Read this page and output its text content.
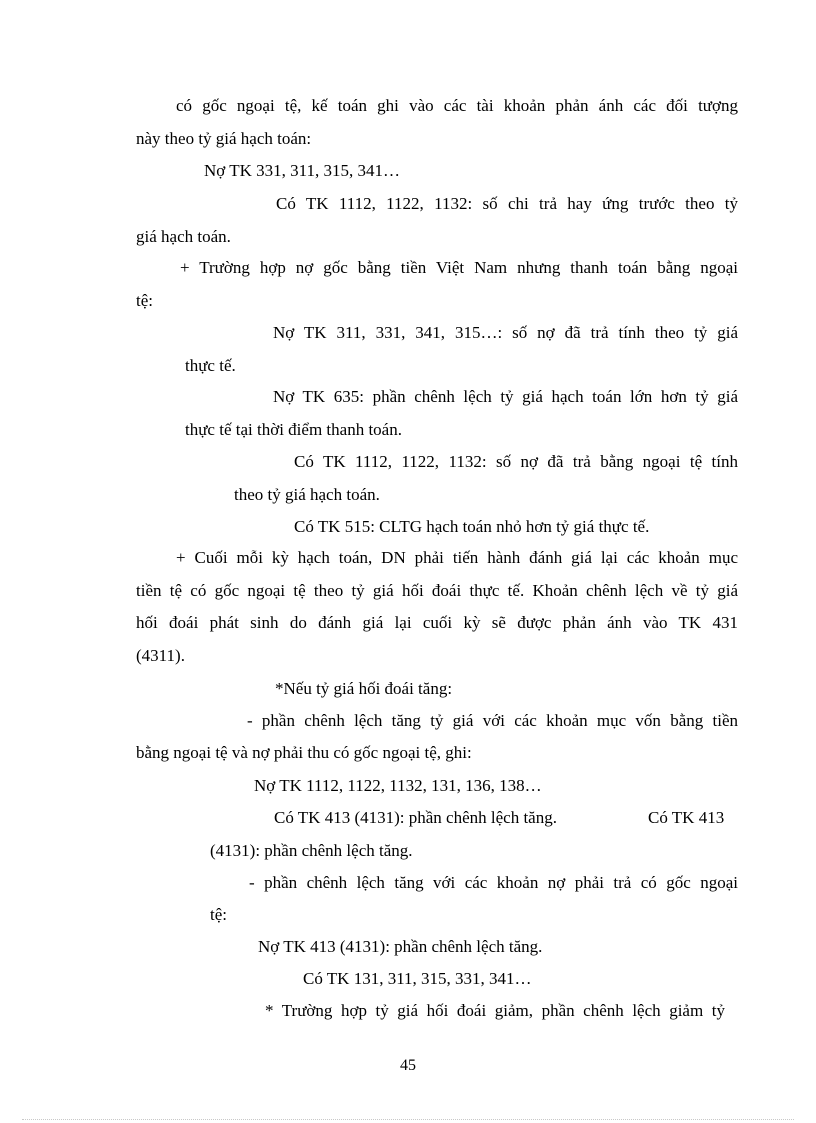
có gốc ngoại tệ, kế toán ghi vào các tài khoản phản ánh các đối tượng

này theo tỷ giá hạch toán:

Nợ TK 331, 311, 315, 341…

Có TK 1112, 1122, 1132: số chi trả hay ứng trước theo tỷ

giá hạch toán.

+ Trường hợp nợ gốc bằng tiền Việt Nam nhưng thanh toán bằng ngoại

tệ:

Nợ TK 311, 331, 341, 315…: số nợ đã trả tính theo tỷ giá

thực tế.

Nợ TK 635: phần chênh lệch tỷ giá hạch toán lớn hơn tỷ giá

thực tế tại thời điểm thanh toán.

Có TK 1112, 1122, 1132: số nợ đã trả bằng ngoại tệ tính

theo tỷ giá hạch toán.

Có TK 515: CLTG hạch toán nhỏ hơn tỷ giá thực tế.

+ Cuối mỗi kỳ hạch toán, DN phải tiến hành đánh giá lại các khoản mục

tiền tệ có gốc ngoại tệ theo tỷ giá hối đoái thực tế. Khoản chênh lệch về tỷ giá

hối đoái phát sinh do đánh giá lại cuối kỳ sẽ được phản ánh vào TK 431

(4311).

*Nếu tỷ giá hối đoái tăng:

- phần chênh lệch tăng tỷ giá với các khoản mục vốn bằng tiền

bằng ngoại tệ và nợ phải thu có gốc ngoại tệ, ghi:

Nợ TK 1112, 1122, 1132, 131, 136, 138…

Có TK 413 (4131): phần chênh lệch tăng.	Có TK 413

(4131): phần chênh lệch tăng.

- phần chênh lệch tăng với các khoản nợ phải trả có gốc ngoại

tệ:

Nợ TK 413 (4131): phần chênh lệch tăng.

Có TK 131, 311, 315, 331, 341…

* Trường hợp tỷ giá hối đoái giảm, phần chênh lệch giảm tỷ

45
